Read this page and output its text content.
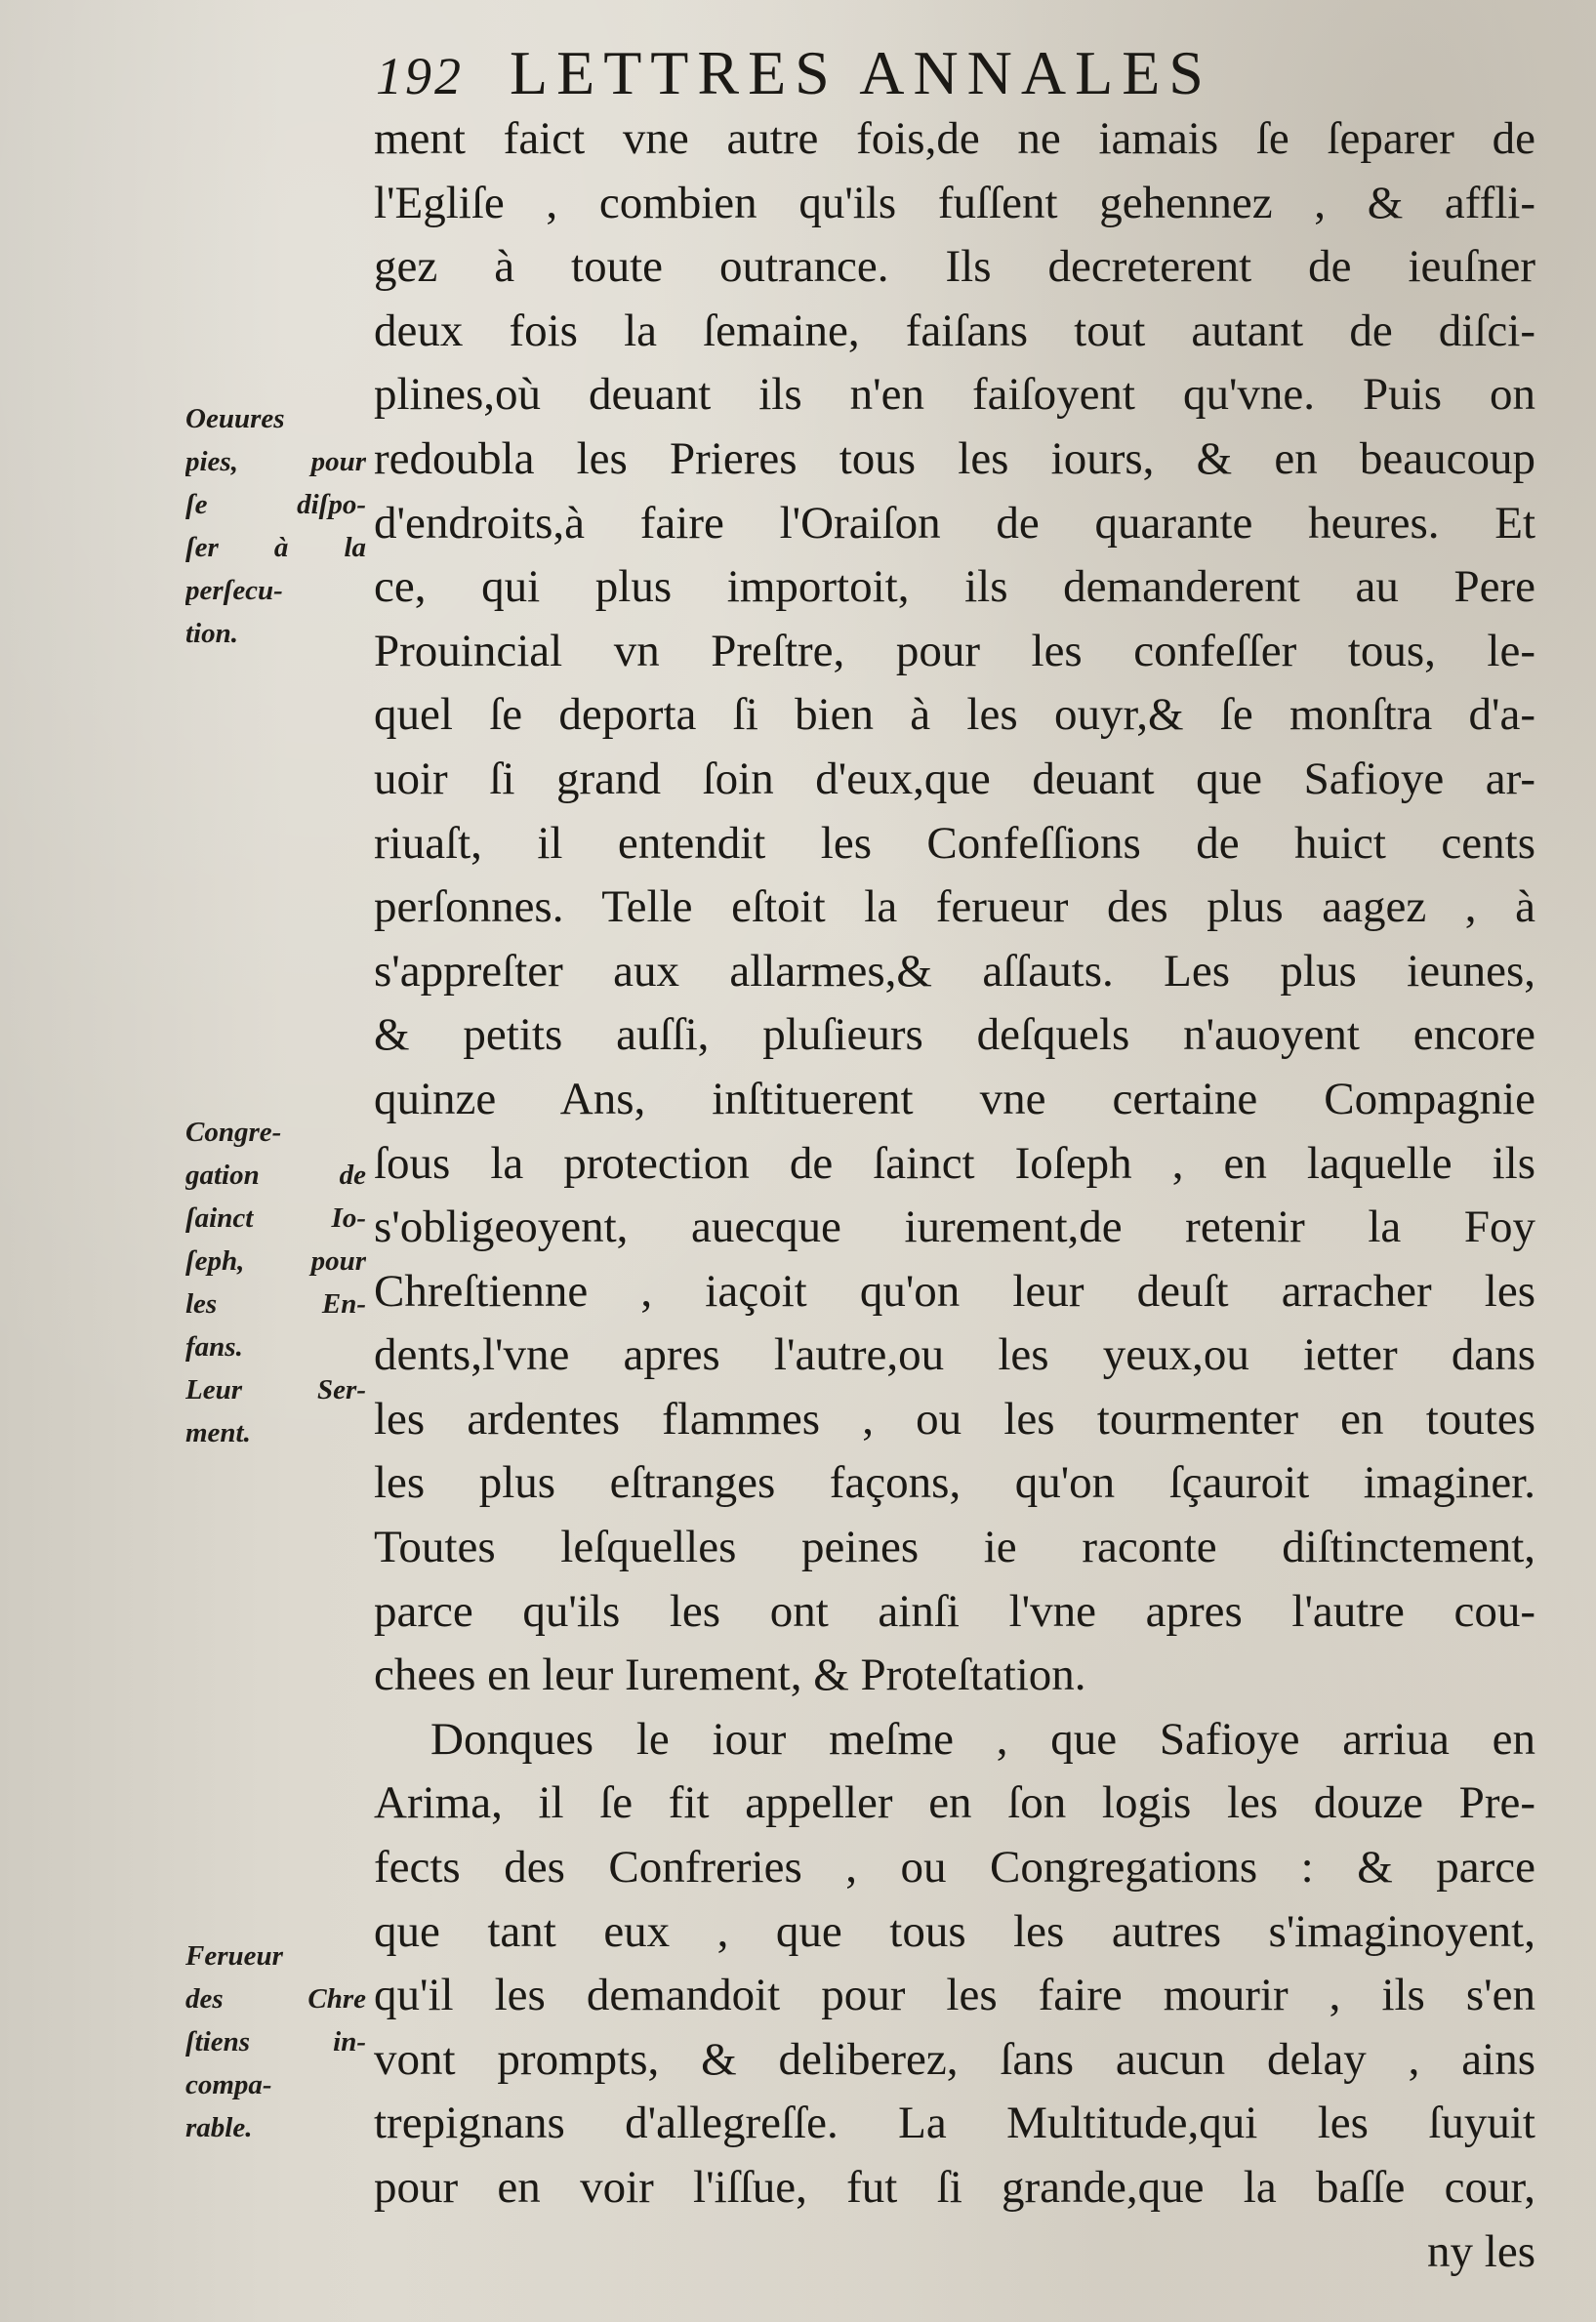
192 LETTRES ANNALES
Oeuures
pies, pour
ſe diſpo-
ſer à la
perſecu-
tion.
Congre-
gation de
ſainct Io-
ſeph, pour
les En-
fans.
Leur Ser-
ment.
Ferueur
des Chre
ſtiens in-
compa-
rable.
ment faict vne autre fois,de ne iamais ſe ſeparer de
l'Egliſe , combien qu'ils fuſſent gehennez , & affli-
gez à toute outrance. Ils decreterent de ieuſner
deux fois la ſemaine, faiſans tout autant de diſci-
plines,où deuant ils n'en faiſoyent qu'vne. Puis on
redoubla les Prieres tous les iours, & en beaucoup
d'endroits,à faire l'Oraiſon de quarante heures. Et
ce, qui plus importoit, ils demanderent au Pere
Prouincial vn Preſtre, pour les confeſſer tous, le-
quel ſe deporta ſi bien à les ouyr,& ſe monſtra d'a-
uoir ſi grand ſoin d'eux,que deuant que Safioye ar-
riuaſt, il entendit les Confeſſions de huict cents
perſonnes. Telle eſtoit la ferueur des plus aagez , à
s'appreſter aux allarmes,& aſſauts. Les plus ieunes,
& petits auſſi, pluſieurs deſquels n'auoyent encore
quinze Ans, inſtituerent vne certaine Compagnie
ſous la protection de ſainct Ioſeph , en laquelle ils
s'obligeoyent, auecque iurement,de retenir la Foy
Chreſtienne , iaçoit qu'on leur deuſt arracher les
dents,l'vne apres l'autre,ou les yeux,ou ietter dans
les ardentes flammes , ou les tourmenter en toutes
les plus eſtranges façons, qu'on ſçauroit imaginer.
Toutes leſquelles peines ie raconte diſtinctement,
parce qu'ils les ont ainſi l'vne apres l'autre cou-
chees en leur Iurement, & Proteſtation.
Donques le iour meſme , que Safioye arriua en
Arima, il ſe fit appeller en ſon logis les douze Pre-
fects des Confreries , ou Congregations : & parce
que tant eux , que tous les autres s'imaginoyent,
qu'il les demandoit pour les faire mourir , ils s'en
vont prompts, & deliberez, ſans aucun delay , ains
trepignans d'allegreſſe. La Multitude,qui les ſuyuit
pour en voir l'iſſue, fut ſi grande,que la baſſe cour,
ny les
